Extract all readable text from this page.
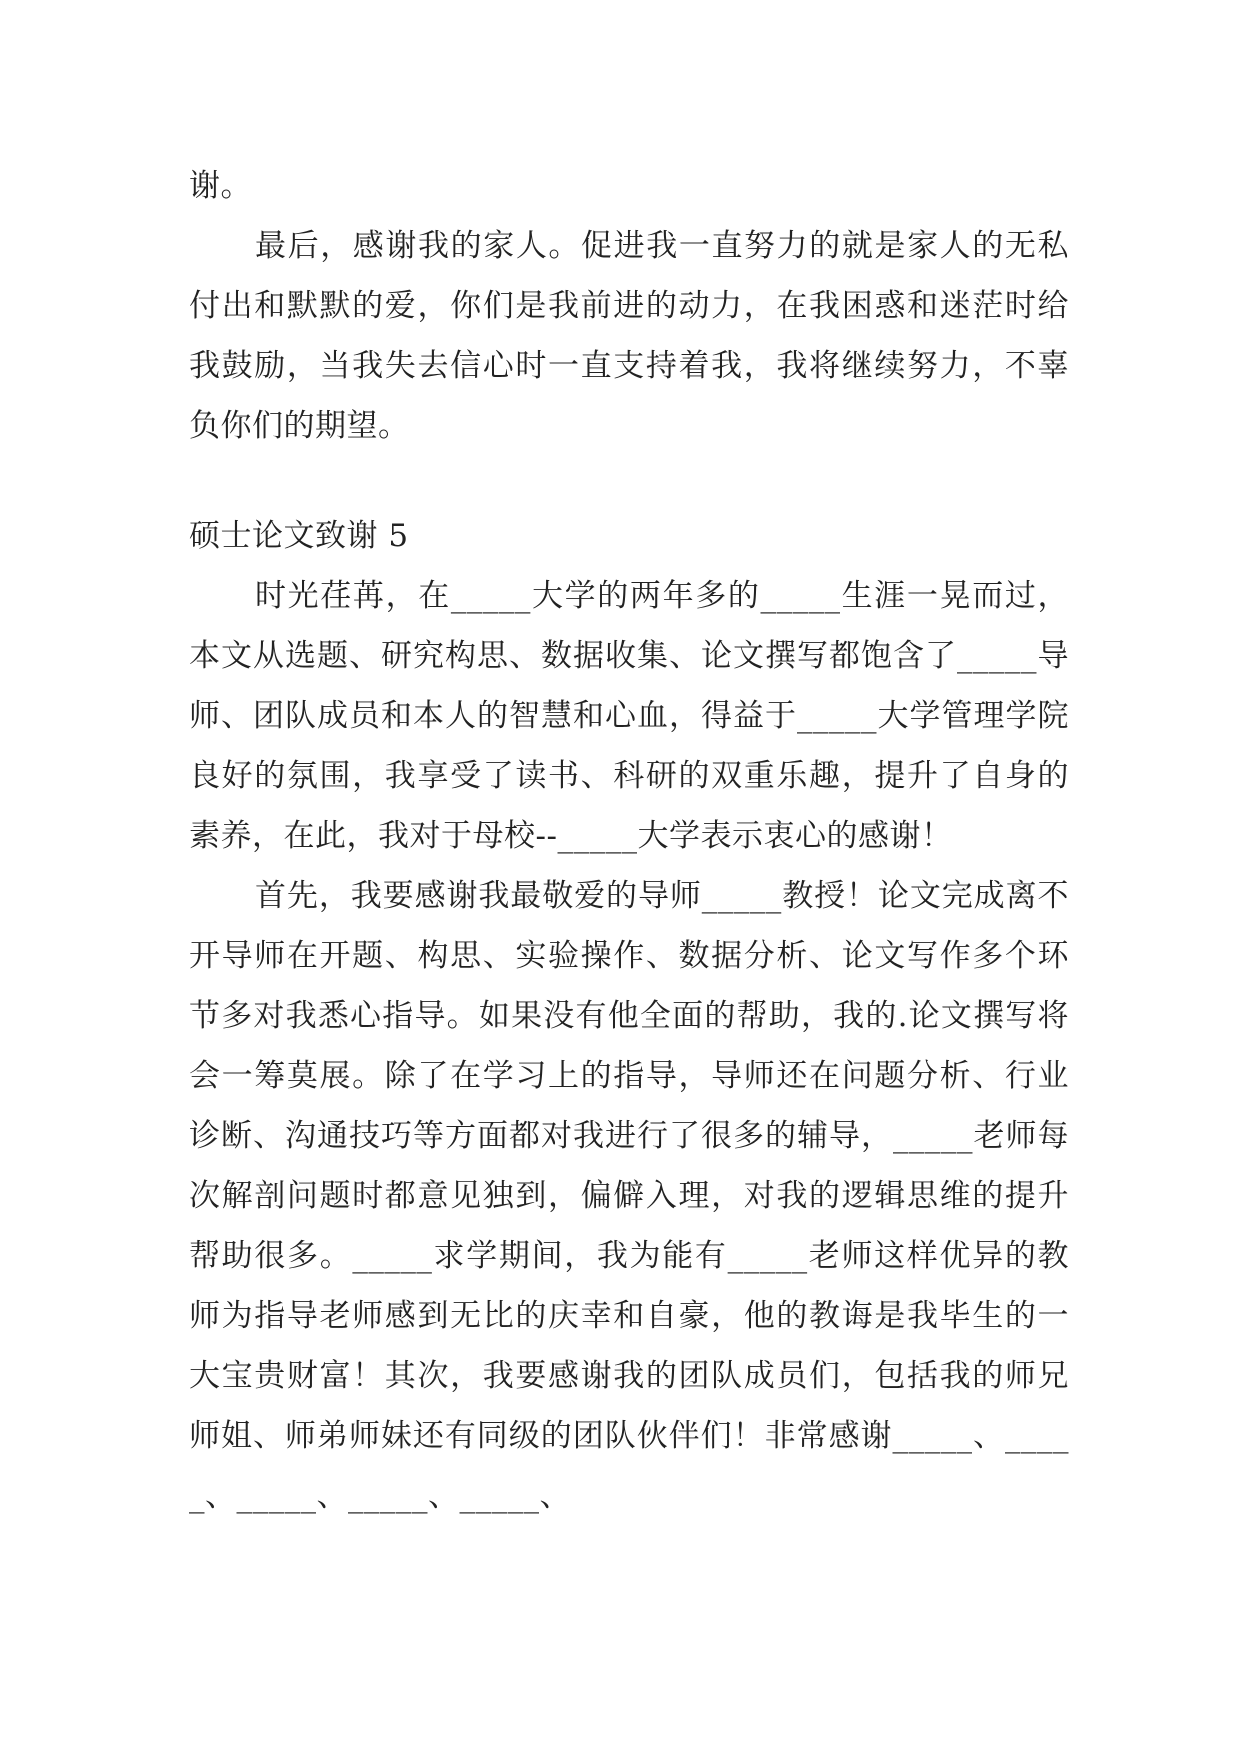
谢。

最后，感谢我的家人。促进我一直努力的就是家人的无私付出和默默的爱，你们是我前进的动力，在我困惑和迷茫时给我鼓励，当我失去信心时一直支持着我，我将继续努力，不辜负你们的期望。

硕士论文致谢 5

时光荏苒，在_____大学的两年多的_____生涯一晃而过，本文从选题、研究构思、数据收集、论文撰写都饱含了_____导师、团队成员和本人的智慧和心血，得益于_____大学管理学院良好的氛围，我享受了读书、科研的双重乐趣，提升了自身的素养，在此，我对于母校--_____大学表示衷心的感谢！

首先，我要感谢我最敬爱的导师_____教授！论文完成离不开导师在开题、构思、实验操作、数据分析、论文写作多个环节多对我悉心指导。如果没有他全面的帮助，我的.论文撰写将会一筹莫展。除了在学习上的指导，导师还在问题分析、行业诊断、沟通技巧等方面都对我进行了很多的辅导，_____老师每次解剖问题时都意见独到，偏僻入理，对我的逻辑思维的提升帮助很多。_____求学期间，我为能有_____老师这样优异的教师为指导老师感到无比的庆幸和自豪，他的教诲是我毕生的一大宝贵财富！其次，我要感谢我的团队成员们，包括我的师兄师姐、师弟师妹还有同级的团队伙伴们！非常感谢_____、_____、_____、_____、_____、
